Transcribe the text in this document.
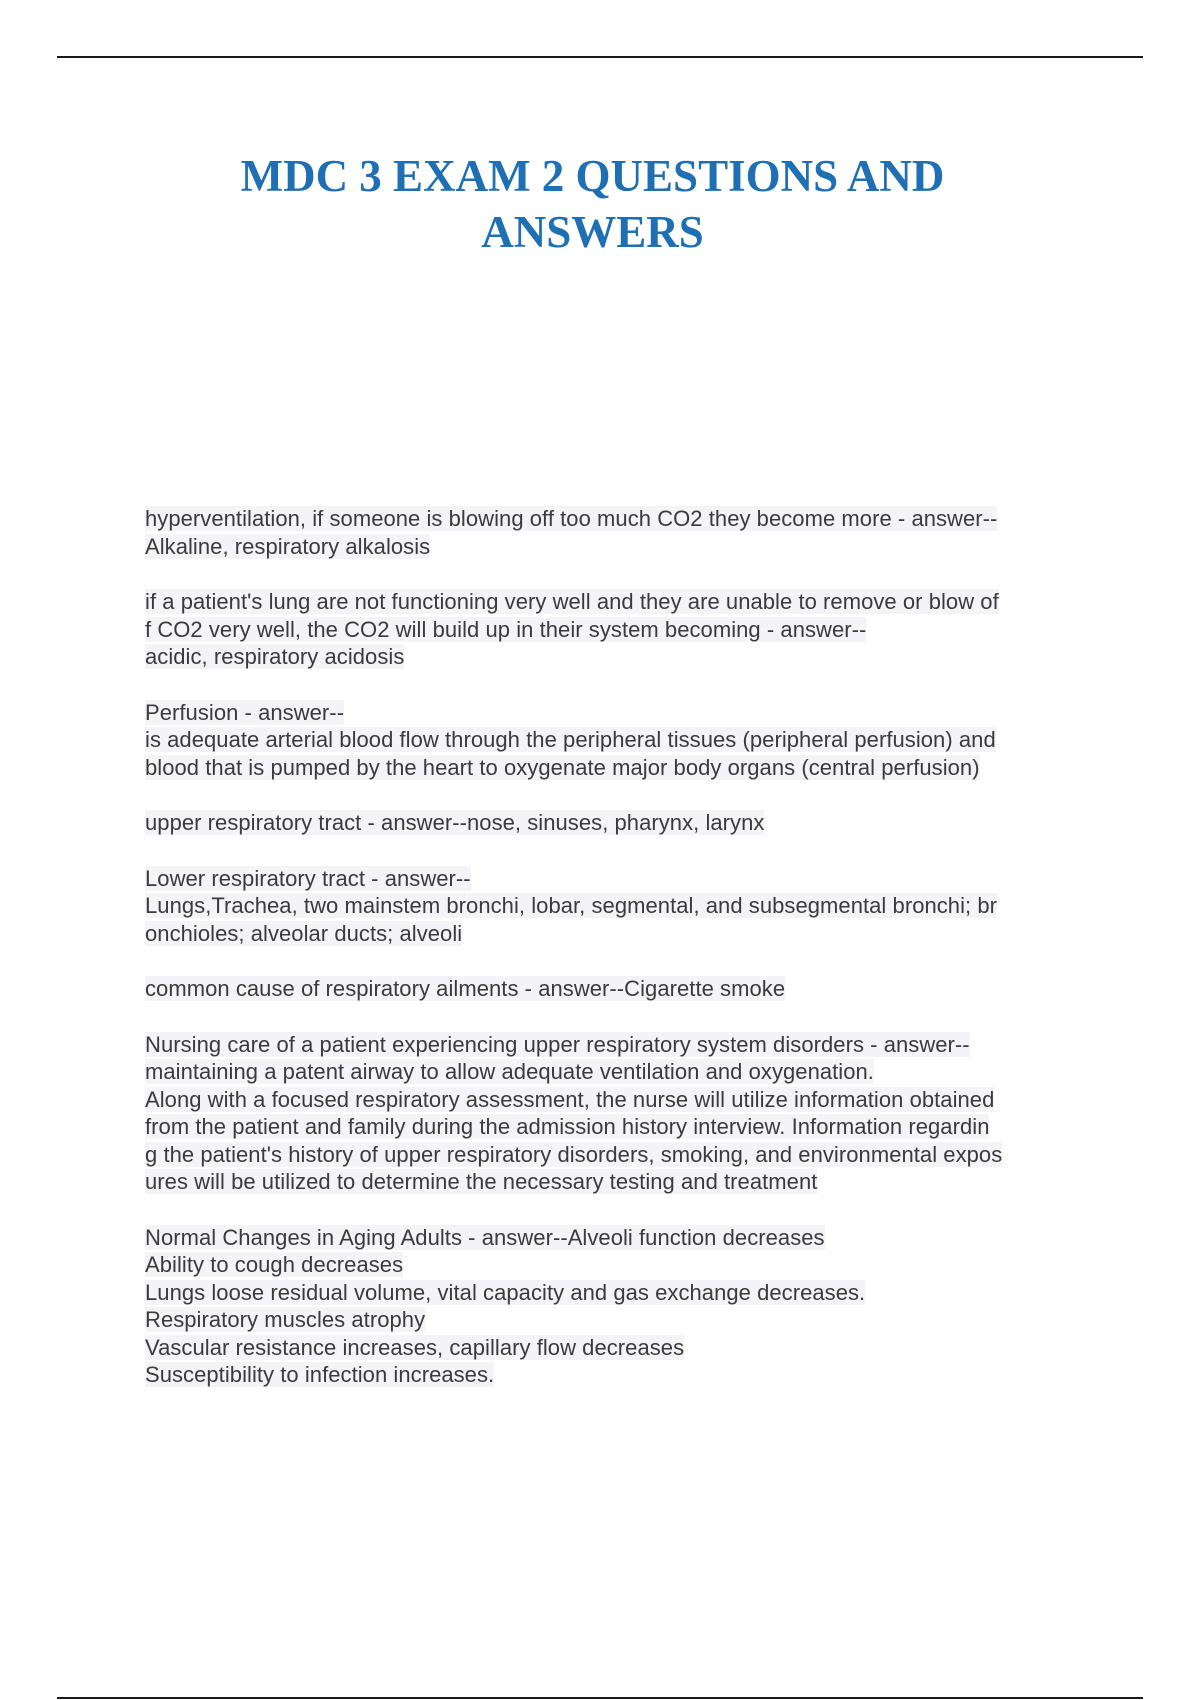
MDC 3 EXAM 2 QUESTIONS AND
ANSWERS

hyperventilation, if someone is blowing off too much CO2 they become more - answer--
Alkaline, respiratory alkalosis

if a patient's lung are not functioning very well and they are unable to remove or blow of
f CO2 very well, the CO2 will build up in their system becoming - answer--
acidic, respiratory acidosis

Perfusion - answer--
is adequate arterial blood flow through the peripheral tissues (peripheral perfusion) and
blood that is pumped by the heart to oxygenate major body organs (central perfusion)

upper respiratory tract - answer--nose, sinuses, pharynx, larynx

Lower respiratory tract - answer--
Lungs,Trachea, two mainstem bronchi, lobar, segmental, and subsegmental bronchi; br
onchioles; alveolar ducts; alveoli

common cause of respiratory ailments - answer--Cigarette smoke

Nursing care of a patient experiencing upper respiratory system disorders - answer--
maintaining a patent airway to allow adequate ventilation and oxygenation.
Along with a focused respiratory assessment, the nurse will utilize information obtained
from the patient and family during the admission history interview. Information regardin
g the patient's history of upper respiratory disorders, smoking, and environmental expos
ures will be utilized to determine the necessary testing and treatment

Normal Changes in Aging Adults - answer--Alveoli function decreases
Ability to cough decreases
Lungs loose residual volume, vital capacity and gas exchange decreases.
Respiratory muscles atrophy
Vascular resistance increases, capillary flow decreases
Susceptibility to infection increases.
